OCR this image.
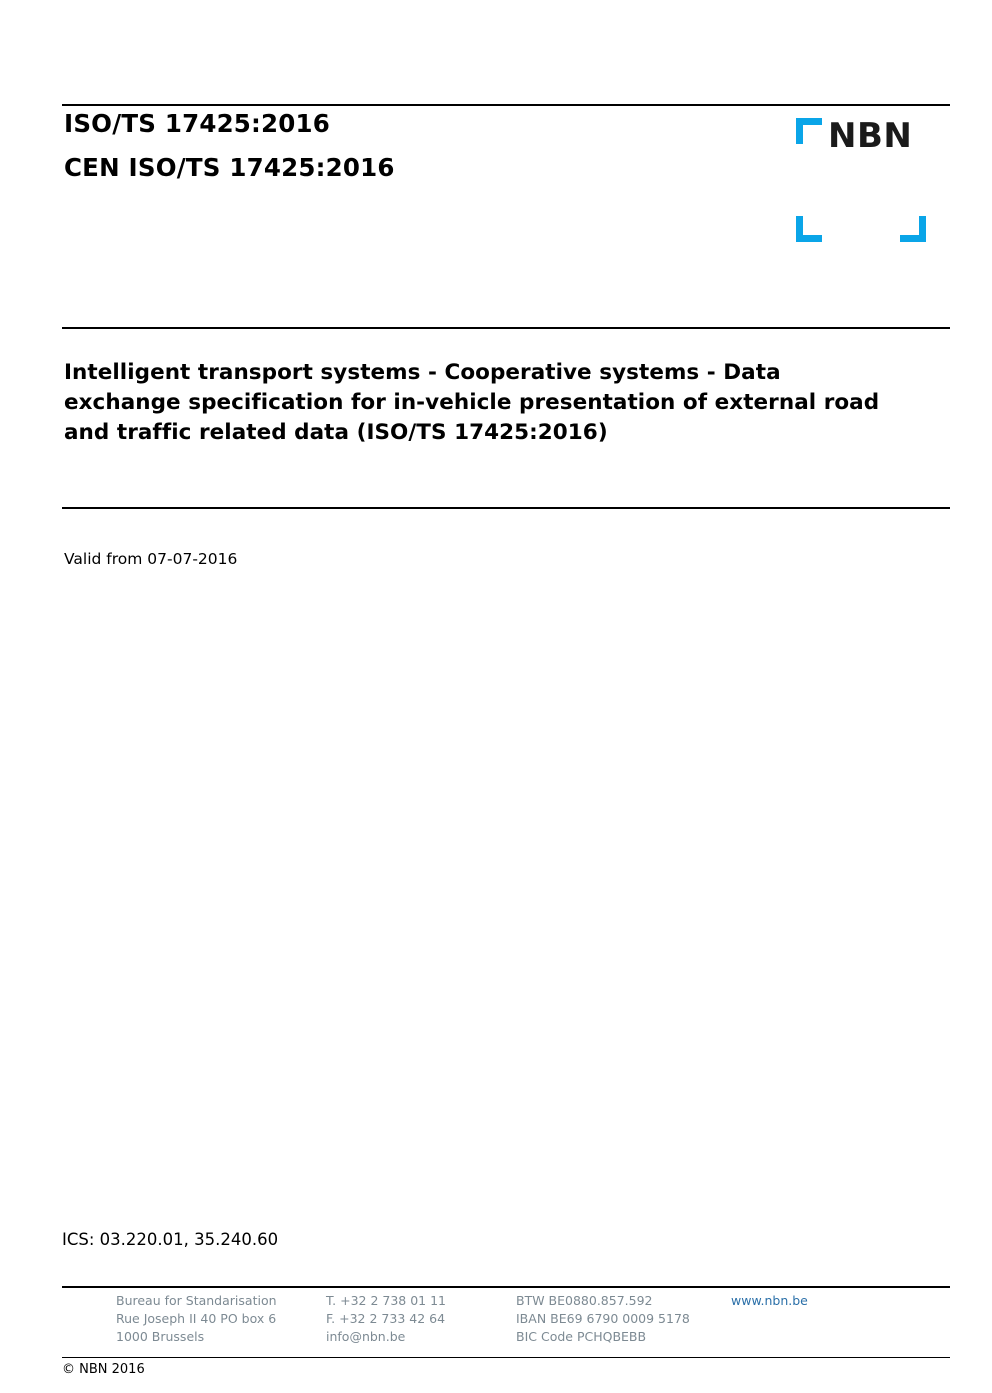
ISO/TS 17425:2016
CEN ISO/TS 17425:2016
NBN
Intelligent transport systems - Cooperative systems - Data exchange specification for in-vehicle presentation of external road and traffic related data (ISO/TS 17425:2016)
Valid from 07-07-2016
ICS: 03.220.01, 35.240.60
Bureau for Standarisation
Rue Joseph II 40 PO box 6
1000 Brussels
T. +32 2 738 01 11
F. +32 2 733 42 64
info@nbn.be
BTW BE0880.857.592
IBAN BE69 6790 0009 5178
BIC Code PCHQBEBB
www.nbn.be
© NBN 2016
